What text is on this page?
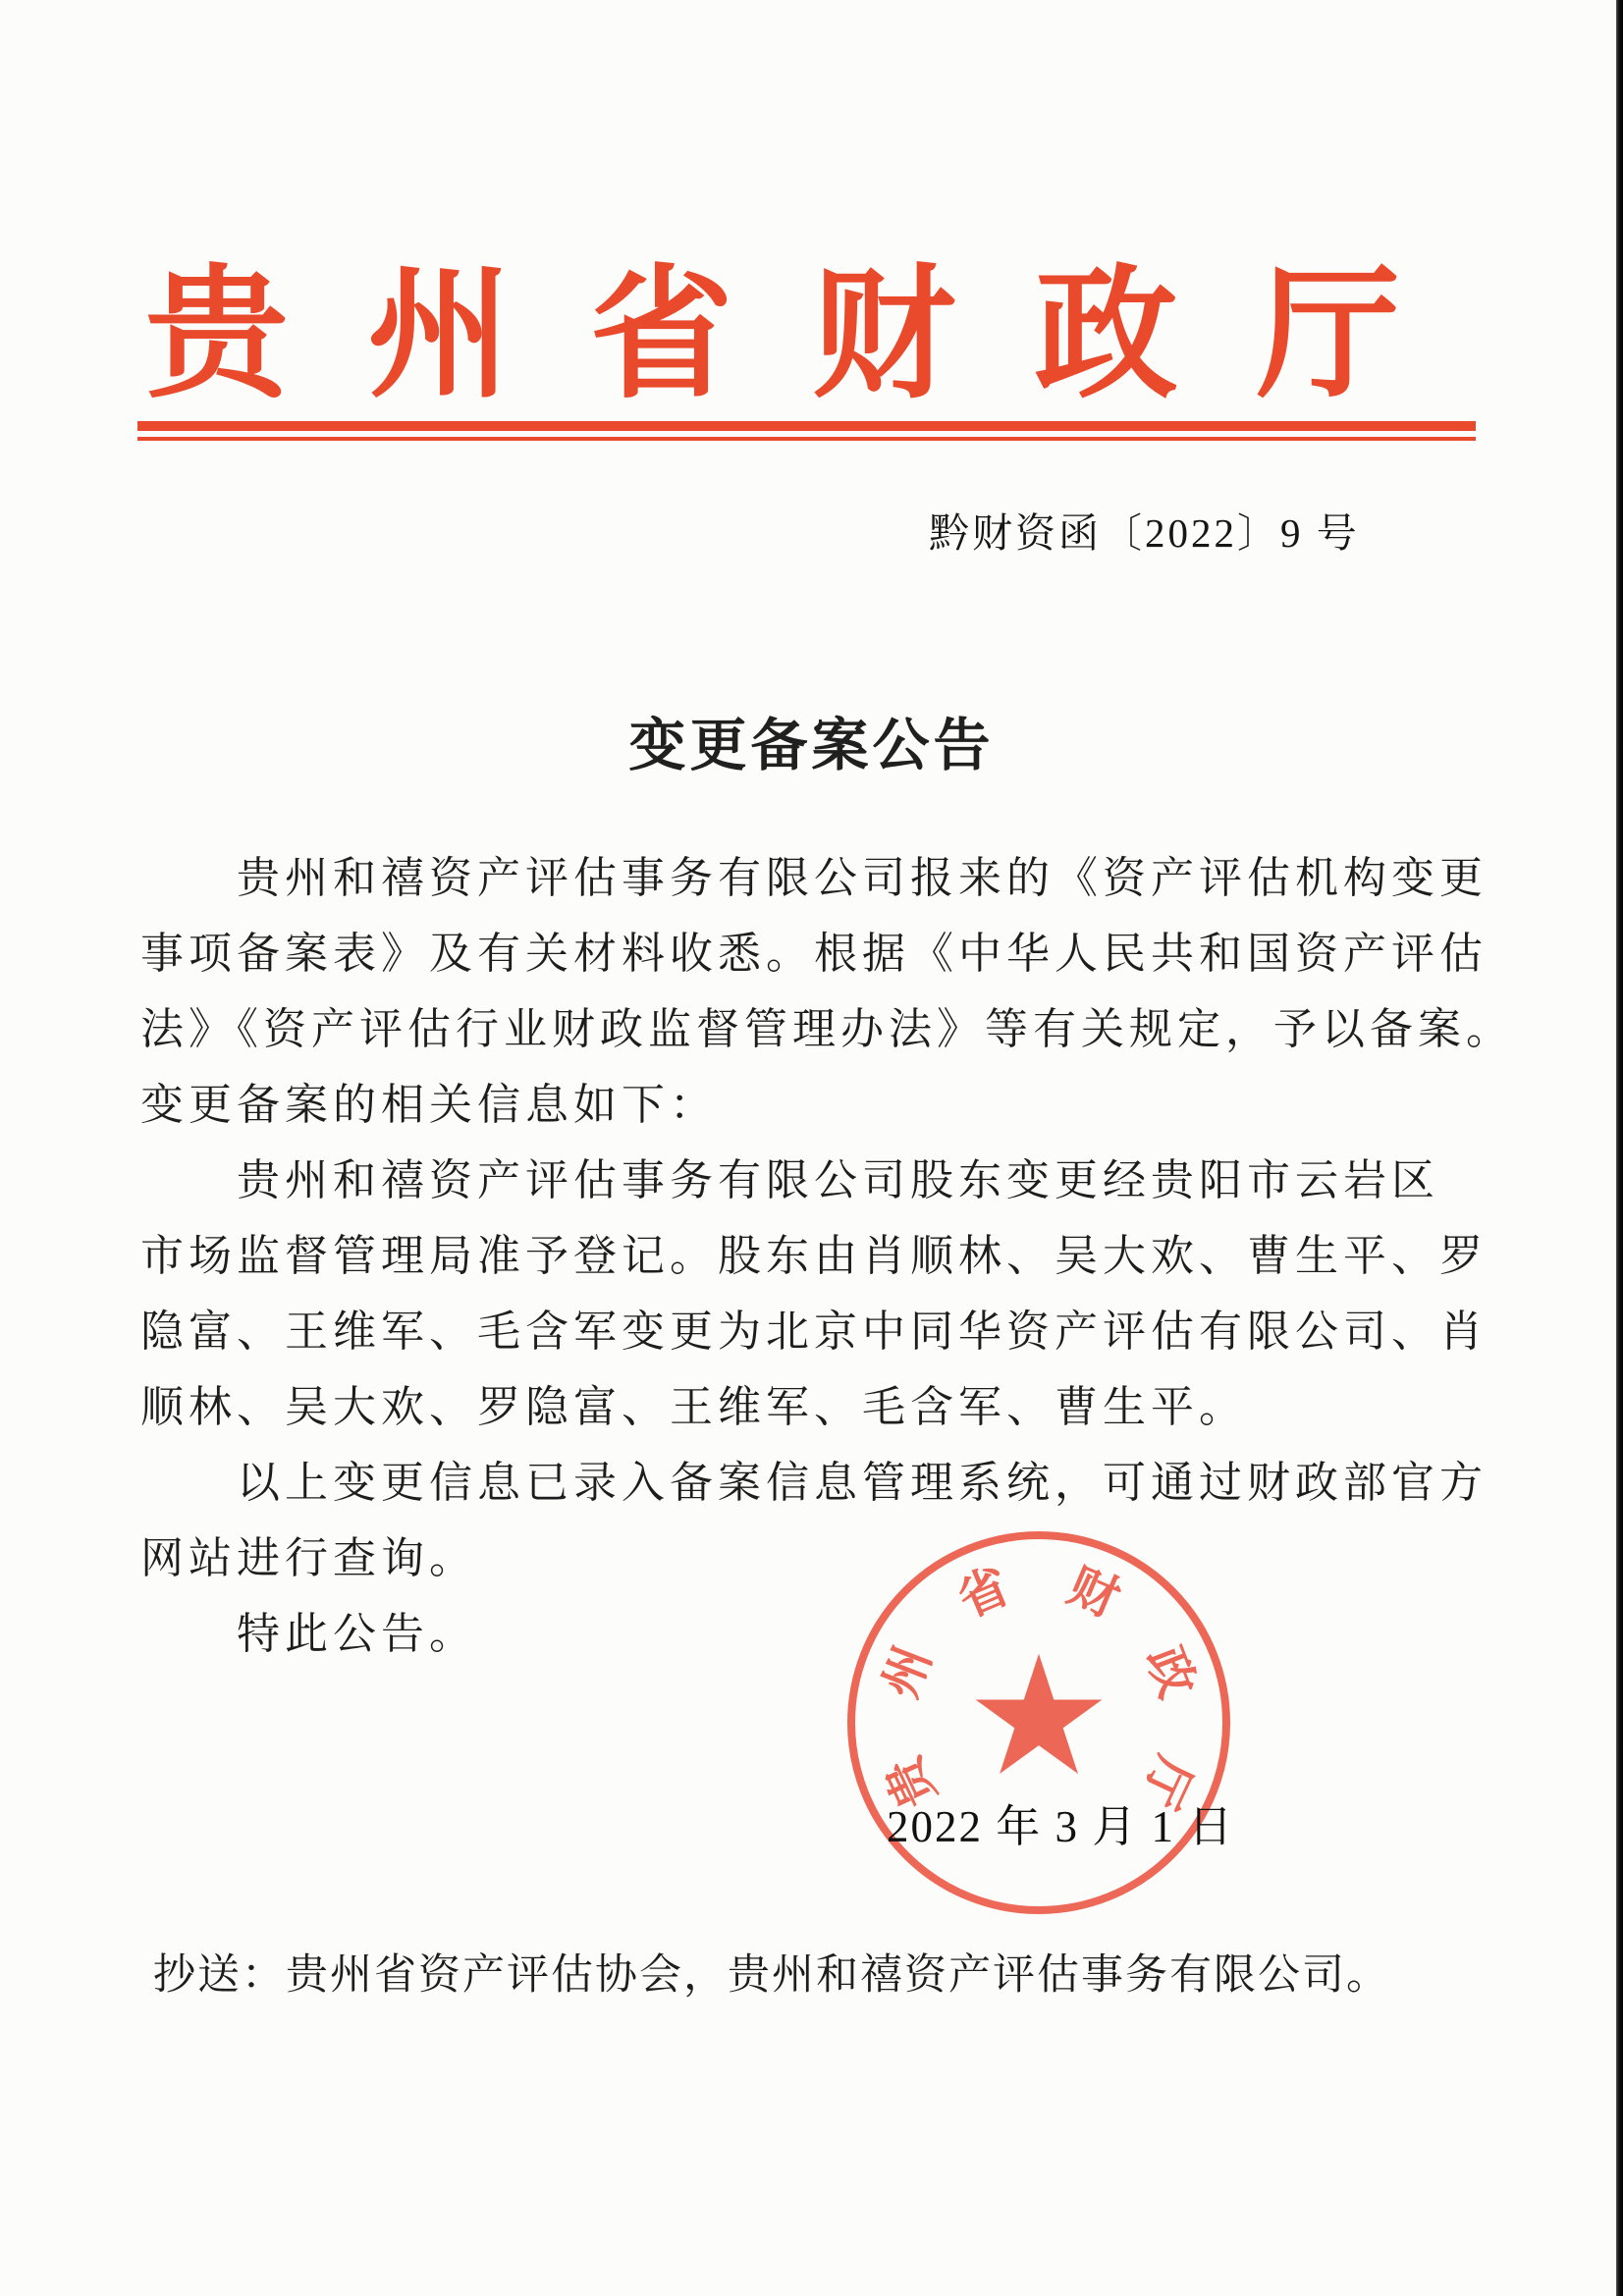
贵 州 省 财 政 厅
黔财资函〔2022〕9 号
变更备案公告
贵州和禧资产评估事务有限公司报来的《资产评估机构变更
事项备案表》及有关材料收悉。根据《中华人民共和国资产评估
法》《资产评估行业财政监督管理办法》等有关规定，予以备案。
变更备案的相关信息如下：
贵州和禧资产评估事务有限公司股东变更经贵阳市云岩区
市场监督管理局准予登记。股东由肖顺林、吴大欢、曹生平、罗
隐富、王维军、毛含军变更为北京中同华资产评估有限公司、肖
顺林、吴大欢、罗隐富、王维军、毛含军、曹生平。
以上变更信息已录入备案信息管理系统，可通过财政部官方
网站进行查询。
特此公告。	★
贵
州
省 财
政
厅
2022 年 3 月 1 日
抄送：贵州省资产评估协会，贵州和禧资产评估事务有限公司。
